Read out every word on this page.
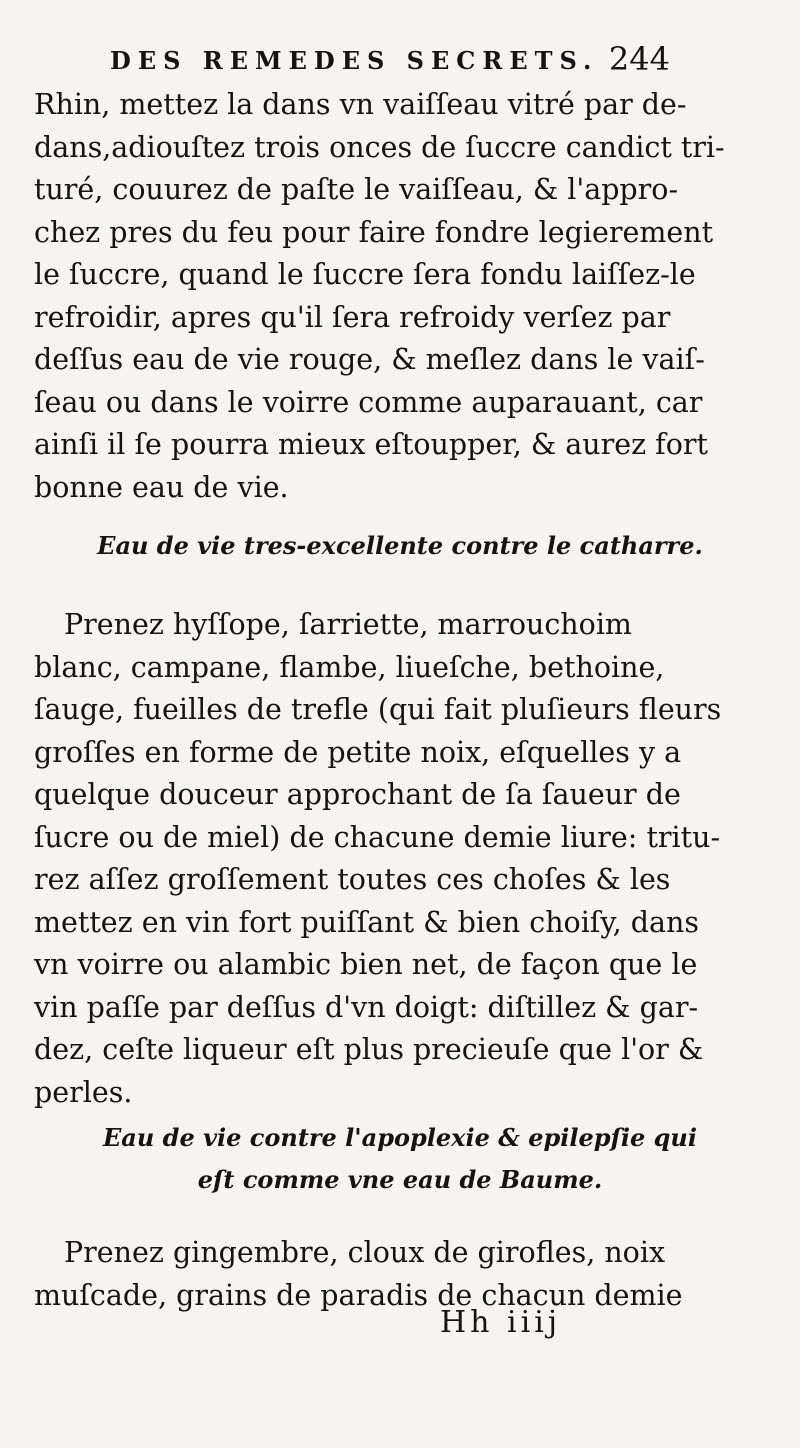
DES REMEDES SECRETS. 244
Rhin, mettez la dans vn vaiſſeau vitré par de-
dans,adiouſtez trois onces de ſuccre candict tri-
turé, couurez de paſte le vaiſſeau, & l'appro-
chez pres du feu pour faire fondre legierement
le ſuccre, quand le ſuccre ſera fondu laiſſez-le
refroidir, apres qu'il ſera refroidy verſez par
deſſus eau de vie rouge, & meſlez dans le vaiſ-
ſeau ou dans le voirre comme auparauant, car
ainſi il ſe pourra mieux eſtoupper, & aurez fort
bonne eau de vie.
Eau de vie tres-excellente contre le catharre.
Prenez hyſſope, ſarriette, marrouchoim
blanc, campane, flambe, liueſche, bethoine,
ſauge, fueilles de trefle (qui fait pluſieurs fleurs
groſſes en forme de petite noix, eſquelles y a
quelque douceur approchant de ſa ſaueur de
ſucre ou de miel) de chacune demie liure: tritu-
rez aſſez groſſement toutes ces choſes & les
mettez en vin fort puiſſant & bien choiſy, dans
vn voirre ou alambic bien net, de façon que le
vin paſſe par deſſus d'vn doigt: diſtillez & gar-
dez, ceſte liqueur eſt plus precieuſe que l'or &
perles.
Eau de vie contre l'apoplexie & epilepſie qui
eſt comme vne eau de Baume.
Prenez gingembre, cloux de girofles, noix
muſcade, grains de paradis de chacun demie
Hh iiij
